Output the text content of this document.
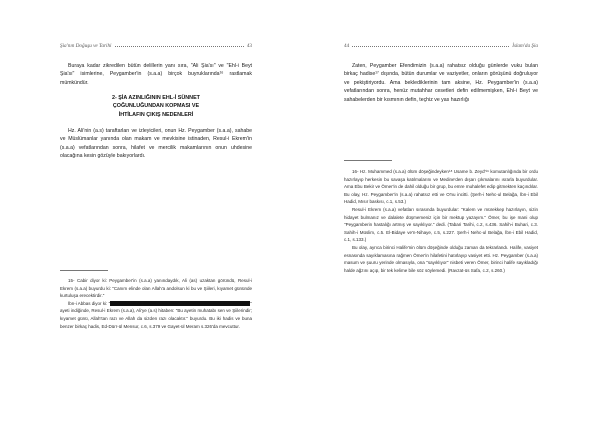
Şia'nın Doğuşu ve Tarihi	43

Buraya kadar zikredilen bütün delillerin yanı sıra, "Ali Şia'sı" ve "Ehl-i Beyt Şia'sı" isimlerine, Peygamber'in (s.a.a) birçok buyruklarında¹⁶ rastlamak mümkündür.

2- ŞİA AZINLIĞININ EHL-İ SÜNNET
ÇOĞUNLUĞUNDAN KOPMASI VE
İHTİLAFIN ÇIKIŞ NEDENLERİ

Hz. Ali'nin (a.s) taraftarları ve izleyicileri, onun Hz. Peygamber (s.a.a), sahabe ve Müslümanlar yanında olan makam ve mevkisine istinaden, Resul-i Ekrem'in (s.a.a) vefatlarından sonra, hilafet ve mercilik makamlarının onun uhdesine olacağına kesin gözüyle bakıyorlardı.

15- Cabir diyor ki: Peygamber'in (s.a.a) yanındaydık, Ali (as) uzaktan göründü, Resul-i Ekrem (s.a.a) buyurdu ki: "Canım elinde olan Allah'a andolsun ki bu ve Şiileri, kıyamet gününde kurtuluşa erecektirdir."

İbn-i Abbas diyor ki: "İnananlar ve iyi işlerde bulunanlar; onlardır yarıtılanların en hayırlıları." ayeti indiğinde, Resul-i Ekrem (s.a.a), Ali'ye (a.s) hitaben: "Bu ayetin muhatabı sen ve Şiilerindir; kıyamet günü, Allah'tan razı ve Allah da sizden razı olacaktır." buyurdu. Bu iki hadis ve buna benzer birkaç hadis, Ed-Dürr-ül Mensur, c.6, s.379 ve Gayet-ül Meram s.326'da mevcuttur.

44	İslam'da Şia

Zaten, Peygamber Efendimizin (s.a.a) rahatsız olduğu günlerde vuku bulan birkaç hadise¹⁷ dışında, bütün durumlar ve vaziyetler, onların görüşünü doğruluyor ve pekiştiriyordu. Ama beklediklerinin tam aksine, Hz. Peygamber'in (s.a.a) vefatlarından sonra, henüz mutahhar cesetleri defin edilmemişken, Ehl-i Beyt ve sahabelerden bir kısmının defin, teçhiz ve yas hazırlığı

16- Hz. Muhammed (s.a.a) ölüm döşeğindeyken¹⁸ Usame b. Zeyd'¹⁹ komutanlığında bir ordu hazırlayıp herkesin bu savaşa katılmalarını ve Medine'den dışarı çıkmalarını ısrarla buyurdular. Ama Ebu Bekir ve Ömer'in de dahil olduğu bir grup, bu emre muhalefet edip gitmekten kaçındılar. Bu olay, Hz. Peygamber'in (s.a.a) rahatsız etti ve O'nu incitti. (Şerh-i Nehc-ul Belağa, İbn-i Ebil Hadid, Mısır baskısı, c.1, s.53.)

Resul-i Ekrem (s.a.a) vefatları sırasında buyurdular: "Kalem ve mürekkep hazırlayın, sizin hidayet bulmanız ve dalalete düşmemeniz için bir mektup yazayım." Ömer, bu işe mani olup "Peygamberin hastalığı artmış ve sayıklıyor." dedi. (Tabari Tarihi, c.2, s.436. Sahih-i Buhari, c.3. Sahih-i Müslim, c.5. El-Bidaye ve'n-Nihaye, c.5, s.227. Şerh-i Nehc-ul Belağa, İbn-i Ebil Hadid, c.1, s.133.)

Bu olay, ayrıca birinci Halife'nin ölüm döşeğinde olduğu zaman da tekrarlandı. Halife, vasiyet esnasında sayıklamasına rağmen Ömer'in hilafetini hatırlayıp vasiyet etti. Hz. Peygamber (s.a.a) masum ve şuuru yerinde olmasıyla, ona "sayıklıyor" nisbeti veren Ömer, birinci halife sayıkladığı halde ağzını açıp, bir tek kelime bile söz söylemedi. (Ravzat-üs Safa, c.2, s.260.)
